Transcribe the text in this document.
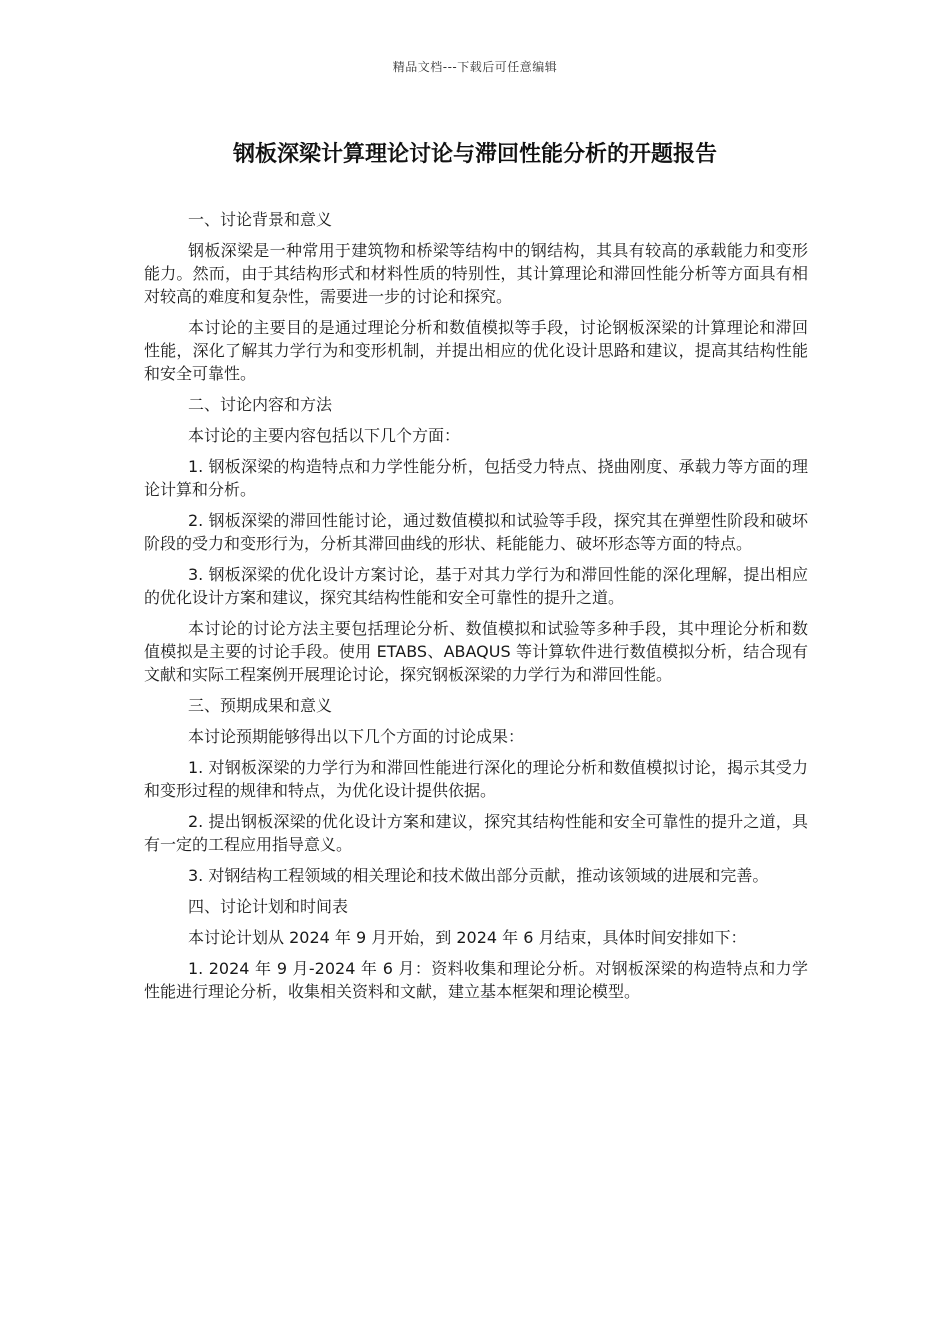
精品文档---下载后可任意编辑
钢板深梁计算理论讨论与滞回性能分析的开题报告

一、讨论背景和意义

钢板深梁是一种常用于建筑物和桥梁等结构中的钢结构，其具有较高的承载能力和变形能力。然而，由于其结构形式和材料性质的特别性，其计算理论和滞回性能分析等方面具有相对较高的难度和复杂性，需要进一步的讨论和探究。

本讨论的主要目的是通过理论分析和数值模拟等手段，讨论钢板深梁的计算理论和滞回性能，深化了解其力学行为和变形机制，并提出相应的优化设计思路和建议，提高其结构性能和安全可靠性。

二、讨论内容和方法

本讨论的主要内容包括以下几个方面：

1. 钢板深梁的构造特点和力学性能分析，包括受力特点、挠曲刚度、承载力等方面的理论计算和分析。

2. 钢板深梁的滞回性能讨论，通过数值模拟和试验等手段，探究其在弹塑性阶段和破坏阶段的受力和变形行为，分析其滞回曲线的形状、耗能能力、破坏形态等方面的特点。

3. 钢板深梁的优化设计方案讨论，基于对其力学行为和滞回性能的深化理解，提出相应的优化设计方案和建议，探究其结构性能和安全可靠性的提升之道。

本讨论的讨论方法主要包括理论分析、数值模拟和试验等多种手段，其中理论分析和数值模拟是主要的讨论手段。使用 ETABS、ABAQUS 等计算软件进行数值模拟分析，结合现有文献和实际工程案例开展理论讨论，探究钢板深梁的力学行为和滞回性能。

三、预期成果和意义

本讨论预期能够得出以下几个方面的讨论成果：

1. 对钢板深梁的力学行为和滞回性能进行深化的理论分析和数值模拟讨论，揭示其受力和变形过程的规律和特点，为优化设计提供依据。

2. 提出钢板深梁的优化设计方案和建议，探究其结构性能和安全可靠性的提升之道，具有一定的工程应用指导意义。

3. 对钢结构工程领域的相关理论和技术做出部分贡献，推动该领域的进展和完善。

四、讨论计划和时间表

本讨论计划从 2024 年 9 月开始，到 2024 年 6 月结束，具体时间安排如下：

1. 2024 年 9 月-2024 年 6 月：资料收集和理论分析。对钢板深梁的构造特点和力学性能进行理论分析，收集相关资料和文献，建立基本框架和理论模型。
